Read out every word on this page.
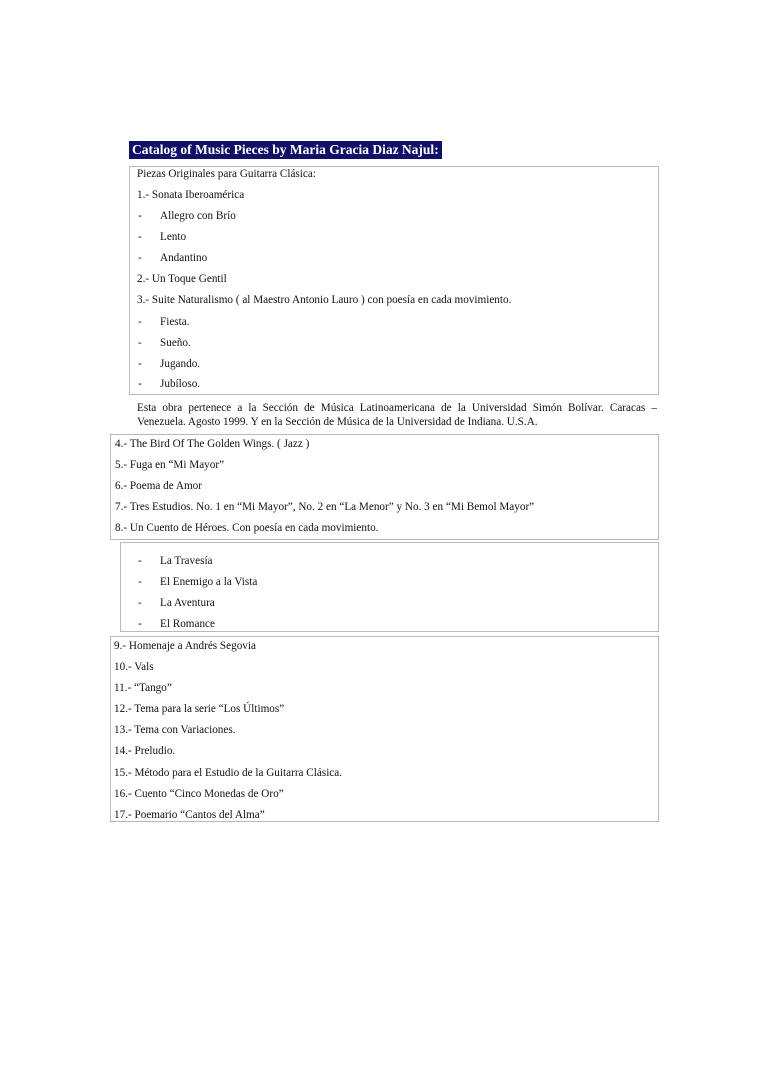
Catalog of Music Pieces by Maria Gracia Diaz Najul:
Piezas Originales para Guitarra Clásica:
1.- Sonata Iberoamérica
- Allegro con Brío
- Lento
- Andantino
2.- Un Toque Gentil
3.- Suite Naturalismo ( al Maestro Antonio Lauro ) con poesía en cada movimiento.
- Fiesta.
- Sueño.
- Jugando.
- Jubíloso.
Esta obra pertenece a la Sección de Música Latinoamericana de la Universidad Simón Bolívar. Caracas – Venezuela. Agosto 1999. Y en la Sección de Música de la Universidad de Indiana. U.S.A.
4.- The Bird Of The Golden Wings. ( Jazz )
5.- Fuga en “Mi Mayor”
6.- Poema de Amor
7.- Tres Estudios. No. 1 en “Mi Mayor”, No. 2 en “La Menor” y No. 3 en “Mi Bemol Mayor”
8.- Un Cuento de Héroes. Con poesía en cada movimiento.
- La Travesía
- El Enemigo a la Vista
- La Aventura
- El Romance
9.- Homenaje a Andrés Segovia
10.- Vals
11.- “Tango”
12.- Tema para la serie “Los Últimos”
13.- Tema con Variaciones.
14.- Preludio.
15.- Método para el Estudio de la Guitarra Clásica.
16.- Cuento “Cinco Monedas de Oro”
17.- Poemario “Cantos del Alma”
